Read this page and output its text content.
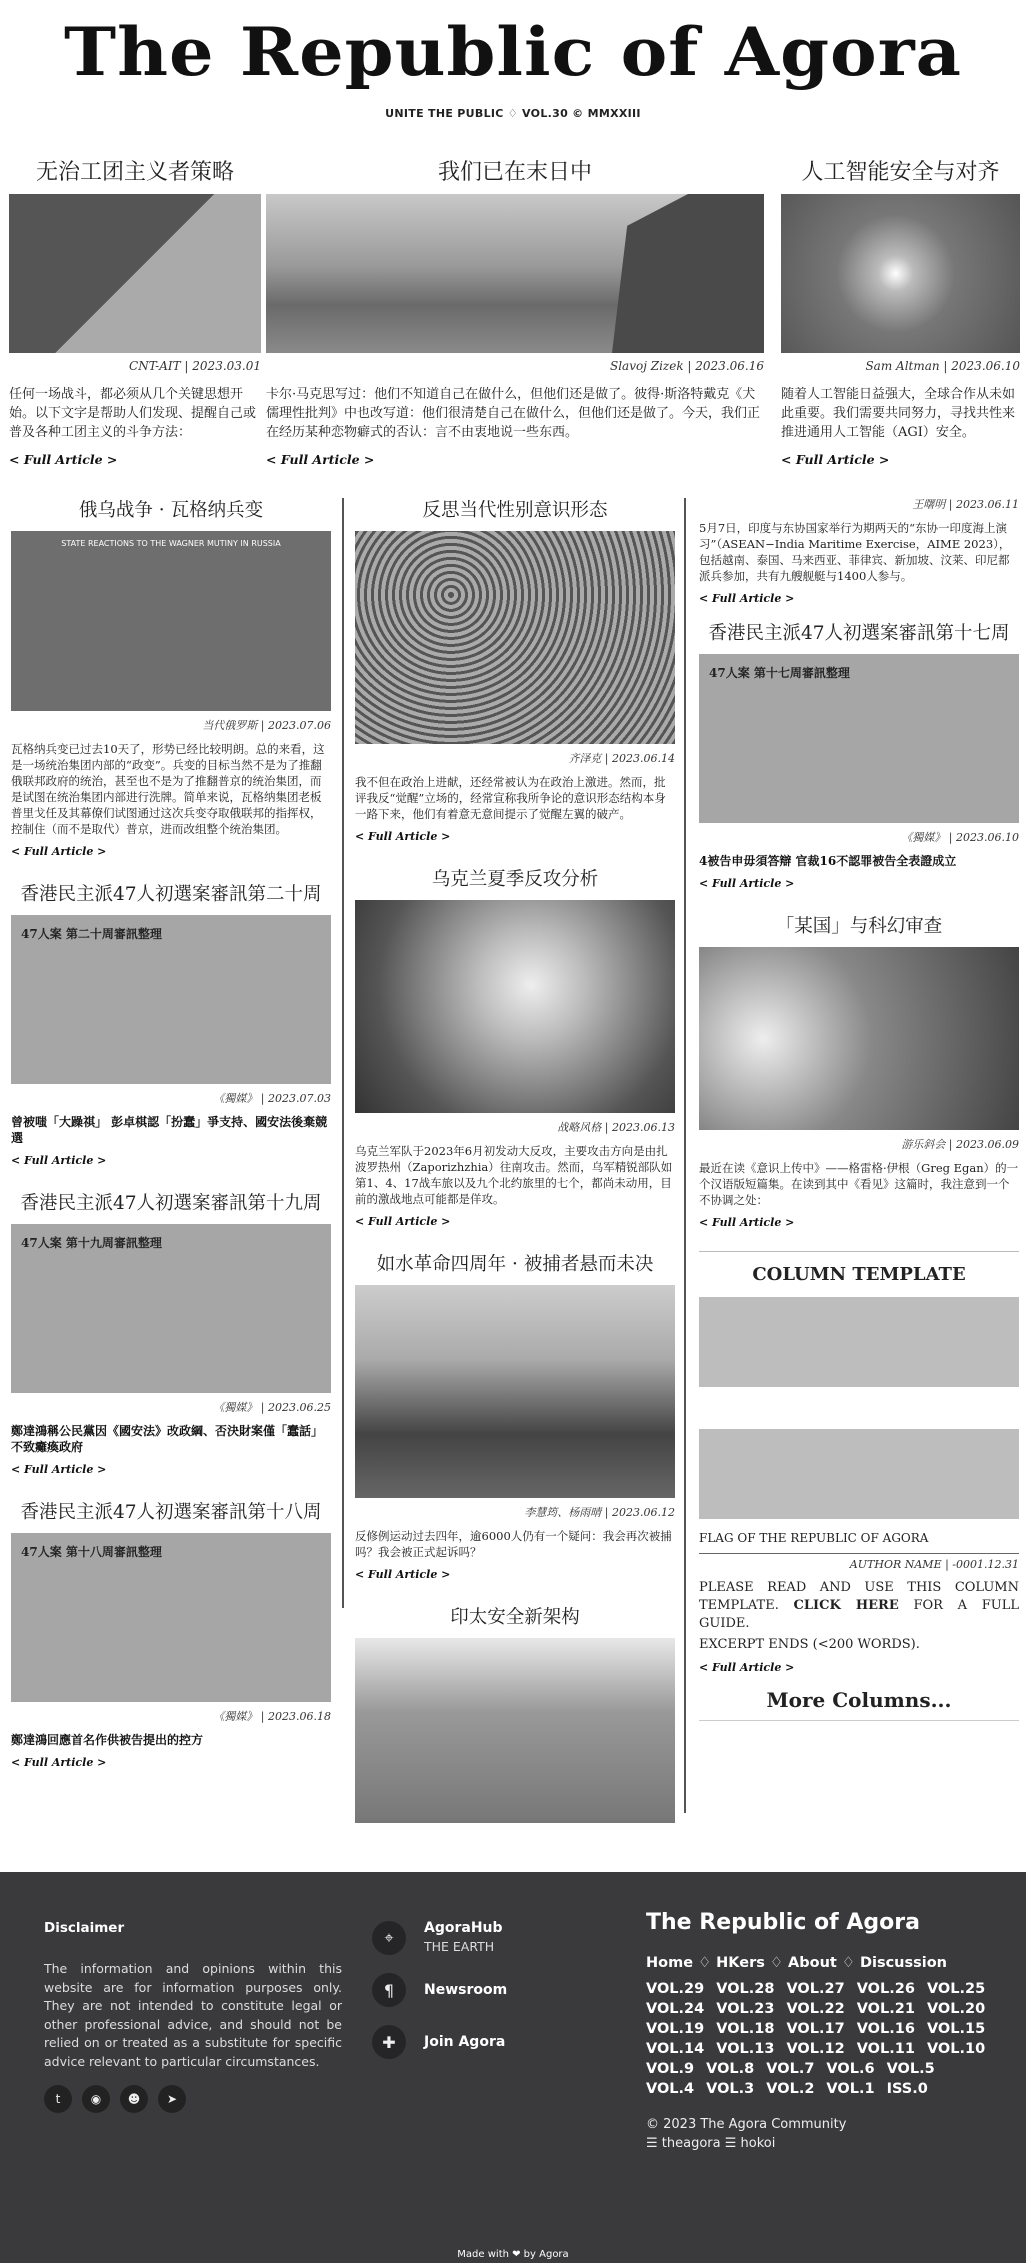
The Republic of Agora
UNITE THE PUBLIC ♢ VOL.30 © MMXXIII
无治工团主义者策略
CNT-AIT | 2023.03.01
任何一场战斗，都必须从几个关键思想开始。以下文字是帮助人们发现、提醒自己或普及各种工团主义的斗争方法：
< Full Article >
我们已在末日中
Slavoj Zizek | 2023.06.16
卡尔·马克思写过：他们不知道自己在做什么，但他们还是做了。彼得·斯洛特戴克《犬儒理性批判》中也改写道：他们很清楚自己在做什么，但他们还是做了。今天，我们正在经历某种恋物癖式的否认：言不由衷地说一些东西。
< Full Article >
人工智能安全与对齐
Sam Altman | 2023.06.10
随着人工智能日益强大，全球合作从未如此重要。我们需要共同努力，寻找共性来推进通用人工智能（AGI）安全。
< Full Article >
俄乌战争 · 瓦格纳兵变
STATE REACTIONS TO THE WAGNER MUTINY IN RUSSIA
当代俄罗斯 | 2023.07.06
瓦格纳兵变已过去10天了，形势已经比较明朗。总的来看，这是一场统治集团内部的“政变”。兵变的目标当然不是为了推翻俄联邦政府的统治，甚至也不是为了推翻普京的统治集团，而是试图在统治集团内部进行洗牌。简单来说，瓦格纳集团老板普里戈任及其幕僚们试图通过这次兵变夺取俄联邦的指挥权，控制住（而不是取代）普京，进而改组整个统治集团。
< Full Article >
香港民主派47人初選案審訊第二十周
47人案 第二十周審訊整理
《獨媒》 | 2023.07.03
曾被嗤「大躁祺」 彭卓棋認「扮蠢」爭支持、國安法後棄競選
< Full Article >
香港民主派47人初選案審訊第十九周
47人案 第十九周審訊整理
《獨媒》 | 2023.06.25
鄭達鴻稱公民黨因《國安法》改政綱、否決財案僅「蠢話」不致癱瘓政府
< Full Article >
香港民主派47人初選案審訊第十八周
47人案 第十八周審訊整理
《獨媒》 | 2023.06.18
鄭達鴻回應首名作供被告提出的控方
< Full Article >
反思当代性别意识形态
齐泽克 | 2023.06.14
我不但在政治上进献，还经常被认为在政治上激进。然而，批评我反“觉醒”立场的，经常宣称我所争论的意识形态结构本身一路下来，他们有着意无意间提示了觉醒左翼的破产。
< Full Article >
乌克兰夏季反攻分析
战略风格 | 2023.06.13
乌克兰军队于2023年6月初发动大反攻，主要攻击方向是由扎波罗热州（Zaporizhzhia）往南攻击。然而，乌军精锐部队如第1、4、17战车旅以及九个北约旅里的七个，都尚未动用，目前的激战地点可能都是佯攻。
< Full Article >
如水革命四周年 · 被捕者悬而未决
李慧筠、杨雨晴 | 2023.06.12
反修例运动过去四年，逾6000人仍有一个疑问：我会再次被捕吗？我会被正式起诉吗？
< Full Article >
印太安全新架构
王曙明 | 2023.06.11
5月7日，印度与东协国家举行为期两天的“东协一印度海上演习”（ASEAN−India Maritime Exercise，AIME 2023），包括越南、泰国、马来西亚、菲律宾、新加坡、汶莱、印尼都派兵参加，共有九艘舰艇与1400人参与。
< Full Article >
香港民主派47人初選案審訊第十七周
47人案 第十七周審訊整理
《獨媒》 | 2023.06.10
4被告申毋須答辯 官裁16不認罪被告全表證成立
< Full Article >
「某国」与科幻审查
游乐斜会 | 2023.06.09
最近在读《意识上传中》——格雷格·伊根（Greg Egan）的一个汉语版短篇集。在读到其中《看见》这篇时，我注意到一个不协调之处：
< Full Article >
COLUMN TEMPLATE
FLAG OF THE REPUBLIC OF AGORA
AUTHOR NAME | -0001.12.31
PLEASE READ AND USE THIS COLUMN TEMPLATE. CLICK HERE FOR A FULL GUIDE.
EXCERPT ENDS (<200 WORDS).
< Full Article >
More Columns...
Disclaimer

The information and opinions within this website are for information purposes only. They are not intended to constitute legal or other professional advice, and should not be relied on or treated as a substitute for specific advice relevant to particular circumstances.

t	◉	☻	➤
⌖	AgoraHub
THE EARTH
¶	Newsroom
✚	Join Agora
The Republic of Agora
Home ♢ HKers ♢ About ♢ Discussion
VOL.29 VOL.28 VOL.27 VOL.26 VOL.25
VOL.24 VOL.23 VOL.22 VOL.21 VOL.20
VOL.19 VOL.18 VOL.17 VOL.16 VOL.15
VOL.14 VOL.13 VOL.12 VOL.11 VOL.10
VOL.9 VOL.8 VOL.7 VOL.6 VOL.5
VOL.4 VOL.3 VOL.2 VOL.1 ISS.0
© 2023 The Agora Community
☰ theagora ☰ hokoi
Made with ❤ by Agora
